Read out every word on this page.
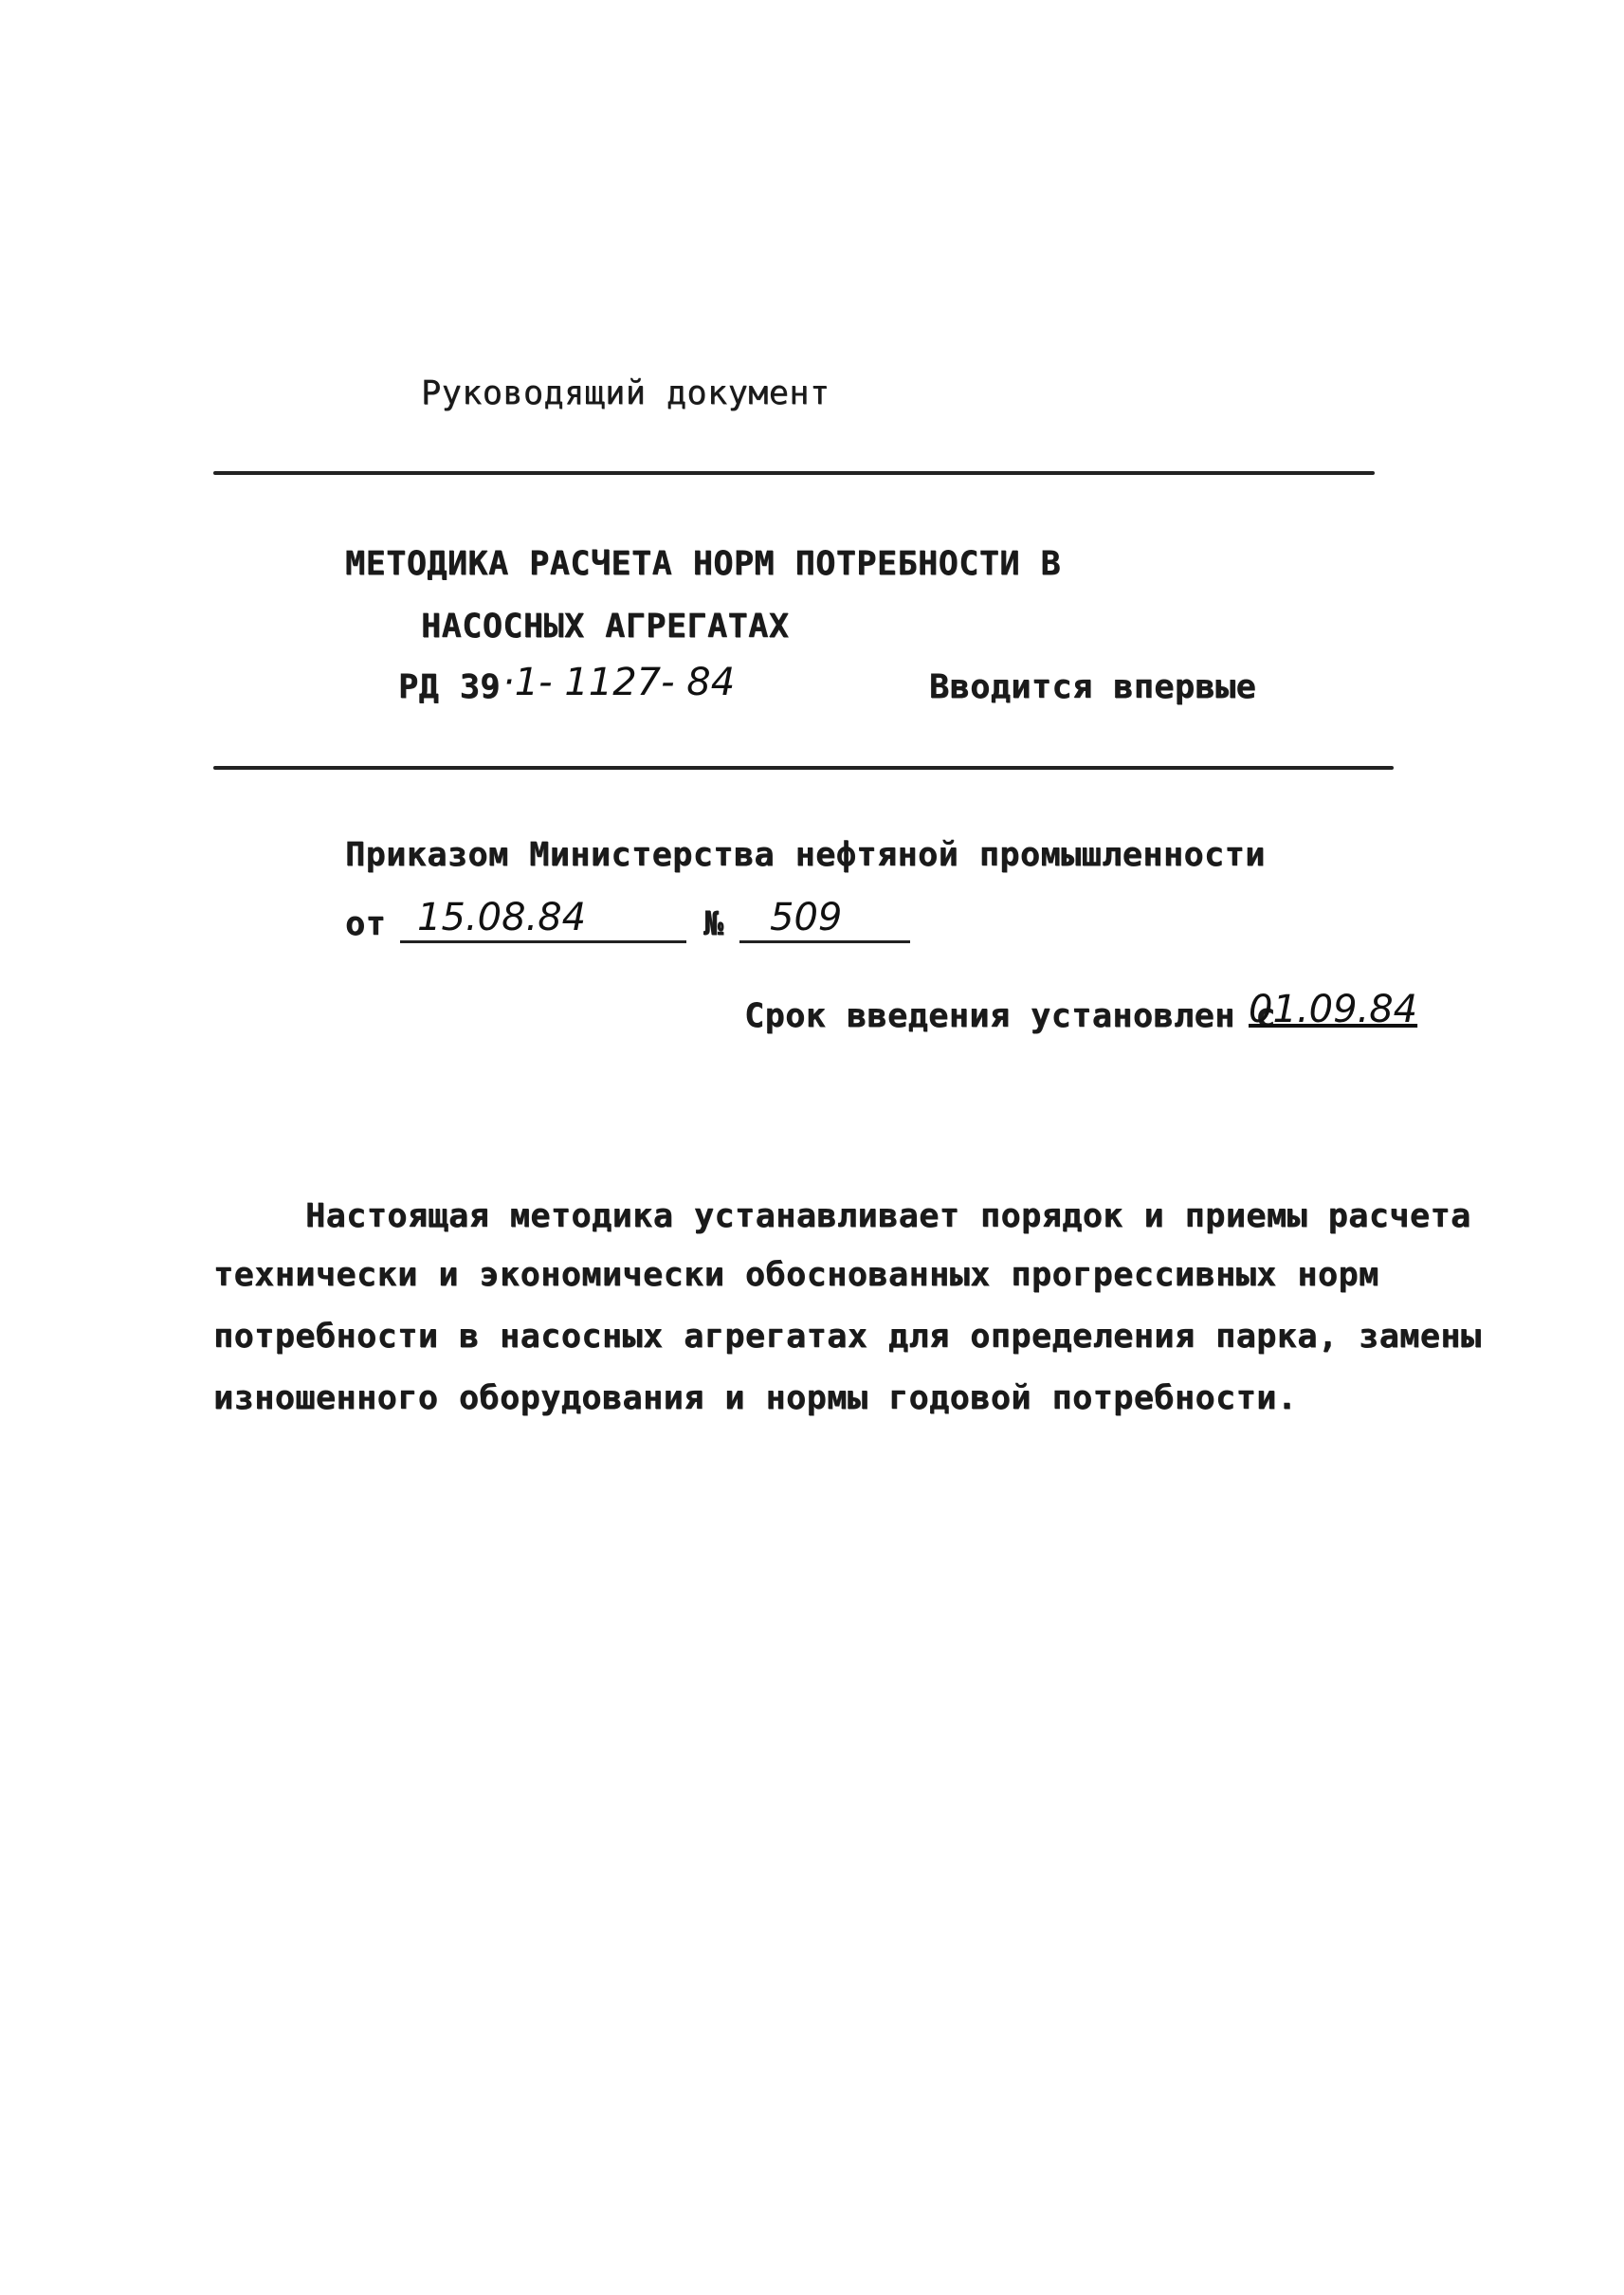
Руководящий документ
МЕТОДИКА РАСЧЕТА НОРМ ПОТРЕБНОСТИ В
НАСОСНЫХ АГРЕГАТАХ
РД 39 ·1- 1127- 84	Вводится впервые
Приказом Министерства нефтяной промышленности
от 15.08.84	№ 509
Срок введения установлен с
01.09.84
Настоящая методика устанавливает порядок и приемы расчета
технически и экономически обоснованных прогрессивных норм
потребности в насосных агрегатах для определения парка, замены
изношенного оборудования и нормы годовой потребности.
